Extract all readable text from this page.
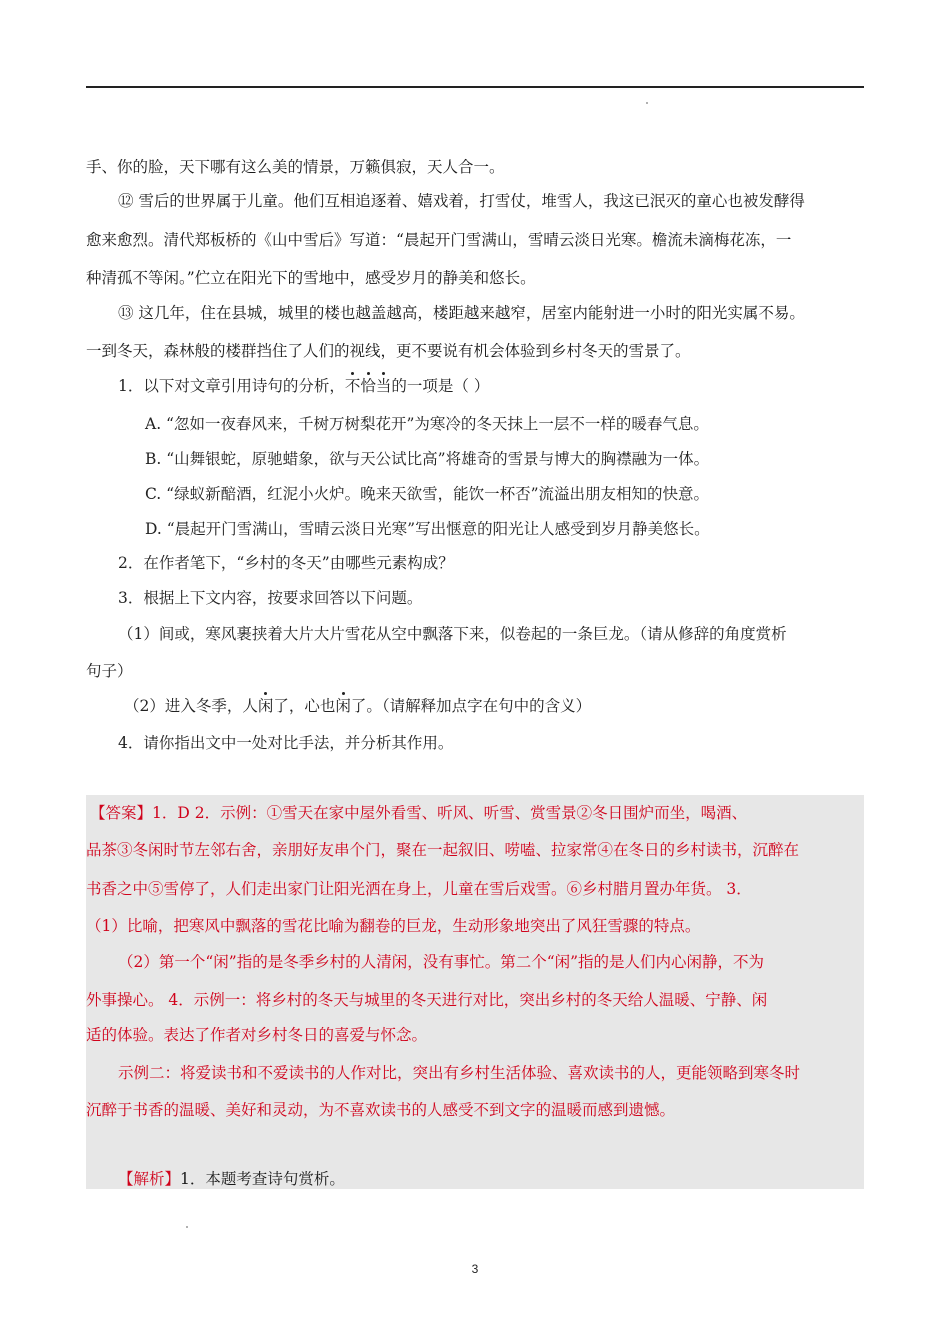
手、你的脸，天下哪有这么美的情景，万籁俱寂，天人合一。
⑫ 雪后的世界属于儿童。他们互相追逐着、嬉戏着，打雪仗，堆雪人，我这已泯灭的童心也被发酵得
愈来愈烈。清代郑板桥的《山中雪后》写道：“晨起开门雪满山，雪晴云淡日光寒。檐流未滴梅花冻，一
种清孤不等闲。”伫立在阳光下的雪地中，感受岁月的静美和悠长。
⑬ 这几年，住在县城，城里的楼也越盖越高，楼距越来越窄，居室内能射进一小时的阳光实属不易。
一到冬天，森林般的楼群挡住了人们的视线，更不要说有机会体验到乡村冬天的雪景了。
1．以下对文章引用诗句的分析，不恰当的一项是（ ）
A. “忽如一夜春风来，千树万树梨花开”为寒冷的冬天抹上一层不一样的暖春气息。
B. “山舞银蛇，原驰蜡象，欲与天公试比高”将雄奇的雪景与博大的胸襟融为一体。
C. “绿蚁新醅酒，红泥小火炉。晚来天欲雪，能饮一杯否”流溢出朋友相知的快意。
D. “晨起开门雪满山，雪晴云淡日光寒”写出惬意的阳光让人感受到岁月静美悠长。
2．在作者笔下，“乡村的冬天”由哪些元素构成？
3．根据上下文内容，按要求回答以下问题。
（1）间或，寒风裹挟着大片大片雪花从空中飘落下来，似卷起的一条巨龙。（请从修辞的角度赏析
句子）
（2）进入冬季，人闲了，心也闲了。（请解释加点字在句中的含义）
4．请你指出文中一处对比手法，并分析其作用。
【答案】1．D 2．示例：①雪天在家中屋外看雪、听风、听雪、赏雪景②冬日围炉而坐，喝酒、
品茶③冬闲时节左邻右舍，亲朋好友串个门，聚在一起叙旧、唠嗑、拉家常④在冬日的乡村读书，沉醉在
书香之中⑤雪停了，人们走出家门让阳光洒在身上，儿童在雪后戏雪。⑥乡村腊月置办年货。 3．
（1）比喻，把寒风中飘落的雪花比喻为翻卷的巨龙，生动形象地突出了风狂雪骤的特点。
（2）第一个“闲”指的是冬季乡村的人清闲，没有事忙。第二个“闲”指的是人们内心闲静，不为
外事操心。 4．示例一：将乡村的冬天与城里的冬天进行对比，突出乡村的冬天给人温暖、宁静、闲
适的体验。表达了作者对乡村冬日的喜爱与怀念。
示例二：将爱读书和不爱读书的人作对比，突出有乡村生活体验、喜欢读书的人，更能领略到寒冬时
沉醉于书香的温暖、美好和灵动，为不喜欢读书的人感受不到文字的温暖而感到遗憾。
【解析】1．本题考查诗句赏析。
3
